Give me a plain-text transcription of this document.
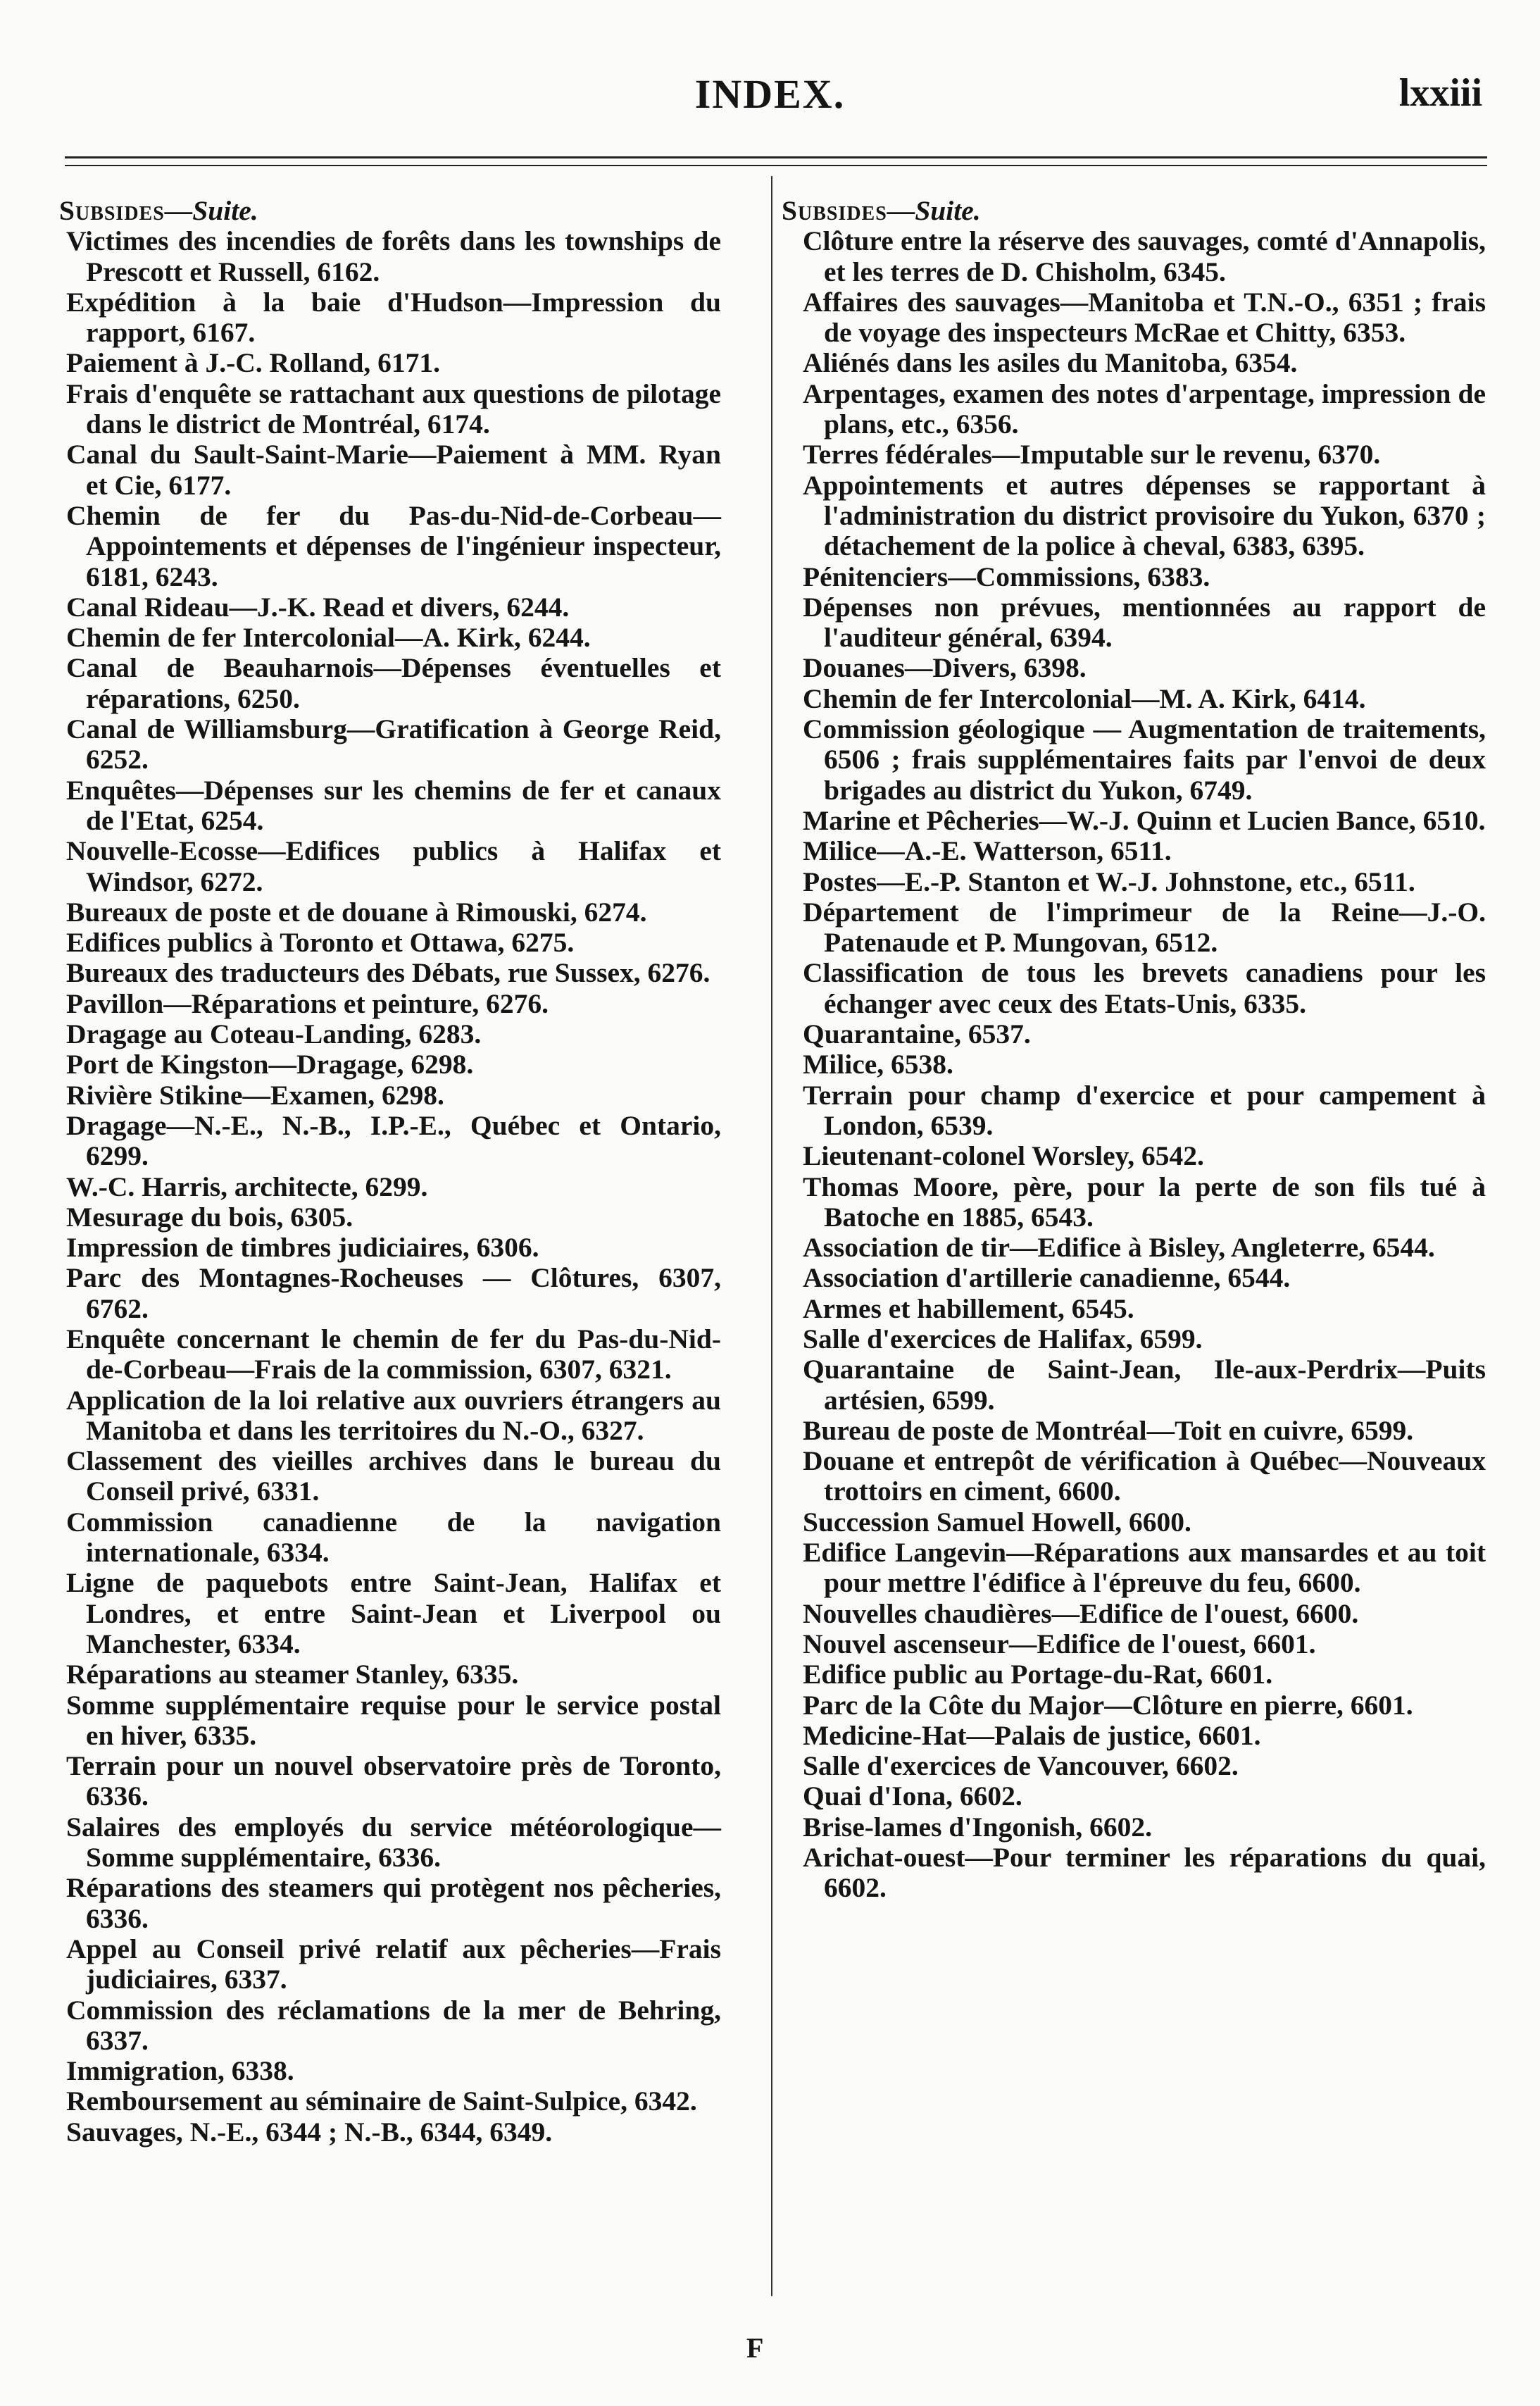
INDEX.	lxxiii
Subsides—Suite.
Victimes des incendies de forêts dans les townships de Prescott et Russell, 6162.
Expédition à la baie d'Hudson—Impression du rapport, 6167.
Paiement à J.-C. Rolland, 6171.
Frais d'enquête se rattachant aux questions de pilotage dans le district de Montréal, 6174.
Canal du Sault-Saint-Marie—Paiement à MM. Ryan et Cie, 6177.
Chemin de fer du Pas-du-Nid-de-Corbeau—Appointements et dépenses de l'ingénieur inspecteur, 6181, 6243.
Canal Rideau—J.-K. Read et divers, 6244.
Chemin de fer Intercolonial—A. Kirk, 6244.
Canal de Beauharnois—Dépenses éventuelles et réparations, 6250.
Canal de Williamsburg—Gratification à George Reid, 6252.
Enquêtes—Dépenses sur les chemins de fer et canaux de l'Etat, 6254.
Nouvelle-Ecosse—Edifices publics à Halifax et Windsor, 6272.
Bureaux de poste et de douane à Rimouski, 6274.
Edifices publics à Toronto et Ottawa, 6275.
Bureaux des traducteurs des Débats, rue Sussex, 6276.
Pavillon—Réparations et peinture, 6276.
Dragage au Coteau-Landing, 6283.
Port de Kingston—Dragage, 6298.
Rivière Stikine—Examen, 6298.
Dragage—N.-E., N.-B., I.P.-E., Québec et Ontario, 6299.
W.-C. Harris, architecte, 6299.
Mesurage du bois, 6305.
Impression de timbres judiciaires, 6306.
Parc des Montagnes-Rocheuses — Clôtures, 6307, 6762.
Enquête concernant le chemin de fer du Pas-du-Nid-de-Corbeau—Frais de la commission, 6307, 6321.
Application de la loi relative aux ouvriers étrangers au Manitoba et dans les territoires du N.-O., 6327.
Classement des vieilles archives dans le bureau du Conseil privé, 6331.
Commission canadienne de la navigation internationale, 6334.
Ligne de paquebots entre Saint-Jean, Halifax et Londres, et entre Saint-Jean et Liverpool ou Manchester, 6334.
Réparations au steamer Stanley, 6335.
Somme supplémentaire requise pour le service postal en hiver, 6335.
Terrain pour un nouvel observatoire près de Toronto, 6336.
Salaires des employés du service météorologique—Somme supplémentaire, 6336.
Réparations des steamers qui protègent nos pêcheries, 6336.
Appel au Conseil privé relatif aux pêcheries—Frais judiciaires, 6337.
Commission des réclamations de la mer de Behring, 6337.
Immigration, 6338.
Remboursement au séminaire de Saint-Sulpice, 6342.
Sauvages, N.-E., 6344 ; N.-B., 6344, 6349.
Subsides—Suite.
Clôture entre la réserve des sauvages, comté d'Annapolis, et les terres de D. Chisholm, 6345.
Affaires des sauvages—Manitoba et T.N.-O., 6351 ; frais de voyage des inspecteurs McRae et Chitty, 6353.
Aliénés dans les asiles du Manitoba, 6354.
Arpentages, examen des notes d'arpentage, impression de plans, etc., 6356.
Terres fédérales—Imputable sur le revenu, 6370.
Appointements et autres dépenses se rapportant à l'administration du district provisoire du Yukon, 6370 ; détachement de la police à cheval, 6383, 6395.
Pénitenciers—Commissions, 6383.
Dépenses non prévues, mentionnées au rapport de l'auditeur général, 6394.
Douanes—Divers, 6398.
Chemin de fer Intercolonial—M. A. Kirk, 6414.
Commission géologique — Augmentation de traitements, 6506 ; frais supplémentaires faits par l'envoi de deux brigades au district du Yukon, 6749.
Marine et Pêcheries—W.-J. Quinn et Lucien Bance, 6510.
Milice—A.-E. Watterson, 6511.
Postes—E.-P. Stanton et W.-J. Johnstone, etc., 6511.
Département de l'imprimeur de la Reine—J.-O. Patenaude et P. Mungovan, 6512.
Classification de tous les brevets canadiens pour les échanger avec ceux des Etats-Unis, 6335.
Quarantaine, 6537.
Milice, 6538.
Terrain pour champ d'exercice et pour campement à London, 6539.
Lieutenant-colonel Worsley, 6542.
Thomas Moore, père, pour la perte de son fils tué à Batoche en 1885, 6543.
Association de tir—Edifice à Bisley, Angleterre, 6544.
Association d'artillerie canadienne, 6544.
Armes et habillement, 6545.
Salle d'exercices de Halifax, 6599.
Quarantaine de Saint-Jean, Ile-aux-Perdrix—Puits artésien, 6599.
Bureau de poste de Montréal—Toit en cuivre, 6599.
Douane et entrepôt de vérification à Québec—Nouveaux trottoirs en ciment, 6600.
Succession Samuel Howell, 6600.
Edifice Langevin—Réparations aux mansardes et au toit pour mettre l'édifice à l'épreuve du feu, 6600.
Nouvelles chaudières—Edifice de l'ouest, 6600.
Nouvel ascenseur—Edifice de l'ouest, 6601.
Edifice public au Portage-du-Rat, 6601.
Parc de la Côte du Major—Clôture en pierre, 6601.
Medicine-Hat—Palais de justice, 6601.
Salle d'exercices de Vancouver, 6602.
Quai d'Iona, 6602.
Brise-lames d'Ingonish, 6602.
Arichat-ouest—Pour terminer les réparations du quai, 6602.
F
